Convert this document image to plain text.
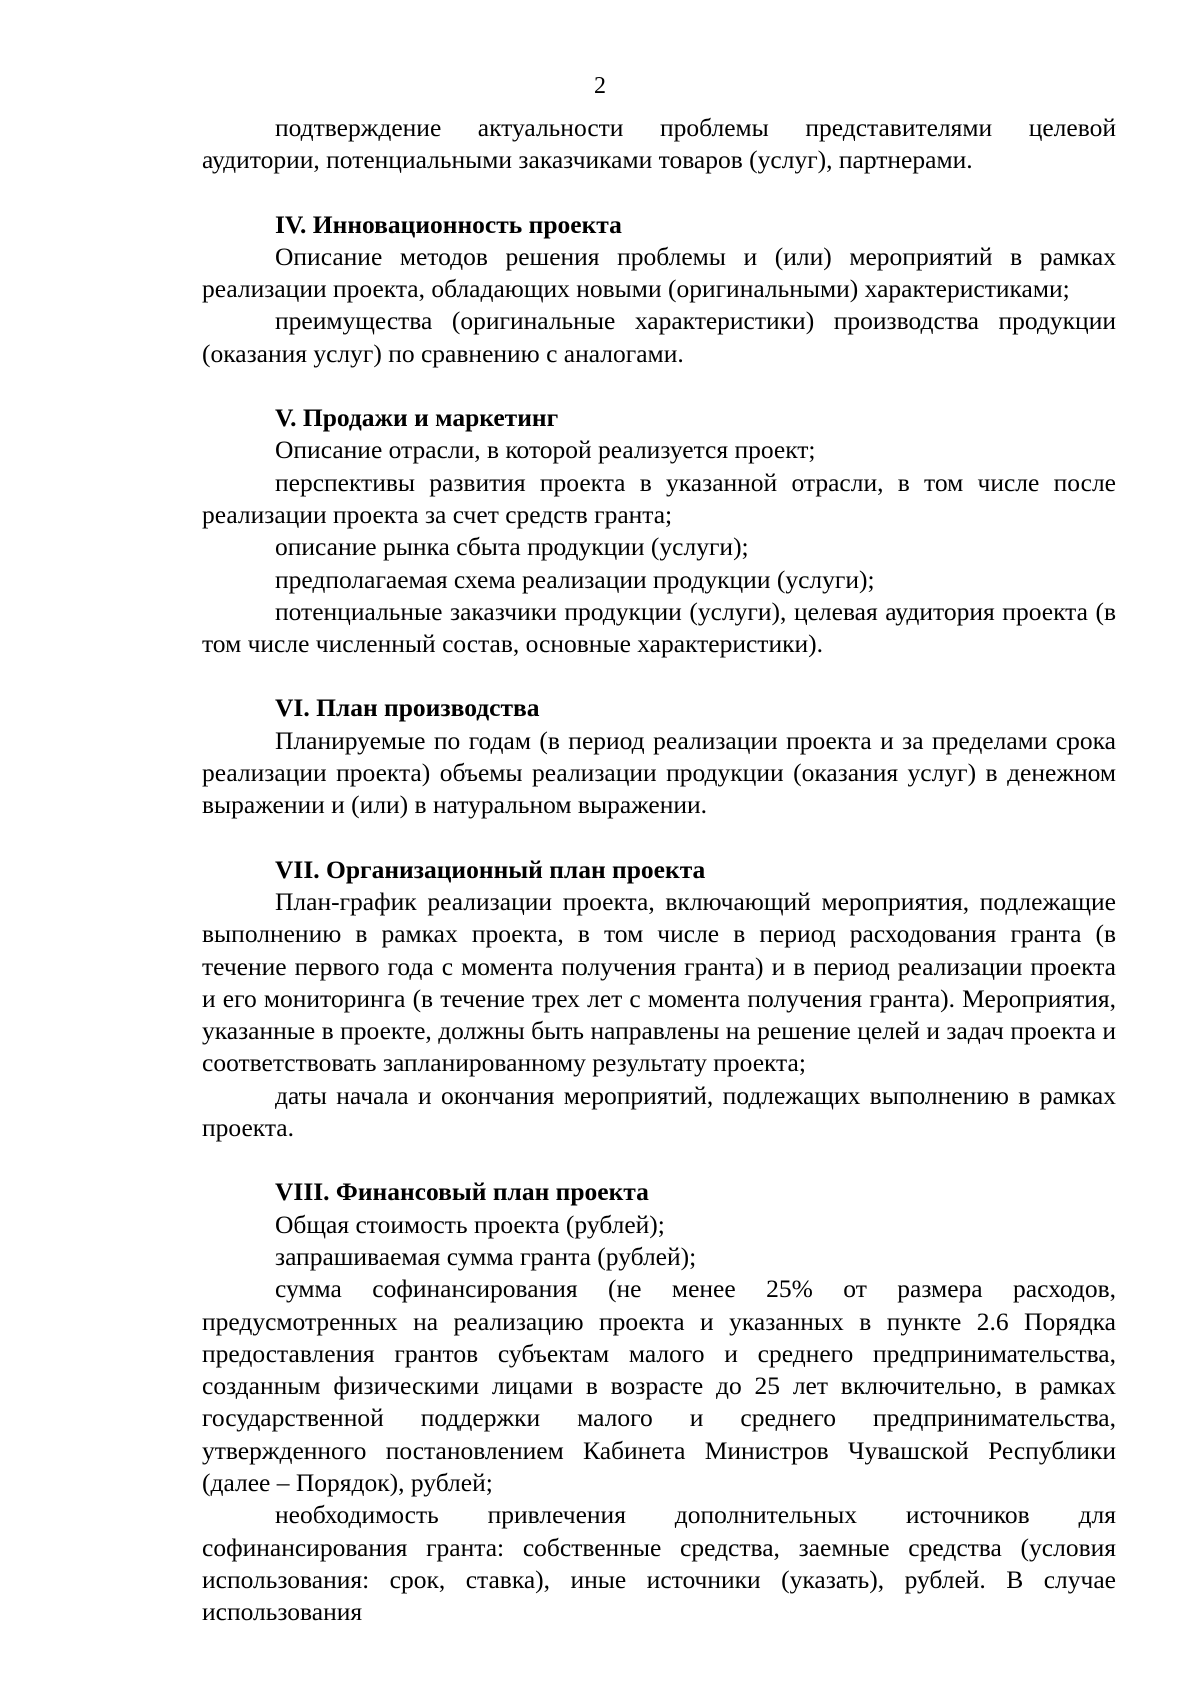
2

подтверждение актуальности проблемы представителями целевой аудитории, потенциальными заказчиками товаров (услуг), партнерами.

IV. Инновационность проекта

Описание методов решения проблемы и (или) мероприятий в рамках реализации проекта, обладающих новыми (оригинальными) характеристиками;

преимущества (оригинальные характеристики) производства продукции (оказания услуг) по сравнению с аналогами.

V. Продажи и маркетинг

Описание отрасли, в которой реализуется проект;

перспективы развития проекта в указанной отрасли, в том числе после реализации проекта за счет средств гранта;

описание рынка сбыта продукции (услуги);

предполагаемая схема реализации продукции (услуги);

потенциальные заказчики продукции (услуги), целевая аудитория проекта (в том числе численный состав, основные характеристики).

VI. План производства

Планируемые по годам (в период реализации проекта и за пределами срока реализации проекта) объемы реализации продукции (оказания услуг) в денежном выражении и (или) в натуральном выражении.

VII. Организационный план проекта

План-график реализации проекта, включающий мероприятия, подлежащие выполнению в рамках проекта, в том числе в период расходования гранта (в течение первого года с момента получения гранта) и в период реализации проекта и его мониторинга (в течение трех лет с момента получения гранта). Мероприятия, указанные в проекте, должны быть направлены на решение целей и задач проекта и соответствовать запланированному результату проекта;

даты начала и окончания мероприятий, подлежащих выполнению в рамках проекта.

VIII. Финансовый план проекта

Общая стоимость проекта (рублей);

запрашиваемая сумма гранта (рублей);

сумма софинансирования (не менее 25% от размера расходов, предусмотренных на реализацию проекта и указанных в пункте 2.6 Порядка предоставления грантов субъектам малого и среднего предпринимательства, созданным физическими лицами в возрасте до 25 лет включительно, в рамках государственной поддержки малого и среднего предпринимательства, утвержденного постановлением Кабинета Министров Чувашской Республики (далее – Порядок), рублей;

необходимость привлечения дополнительных источников для софинансирования гранта: собственные средства, заемные средства (условия использования: срок, ставка), иные источники (указать), рублей. В случае использования
